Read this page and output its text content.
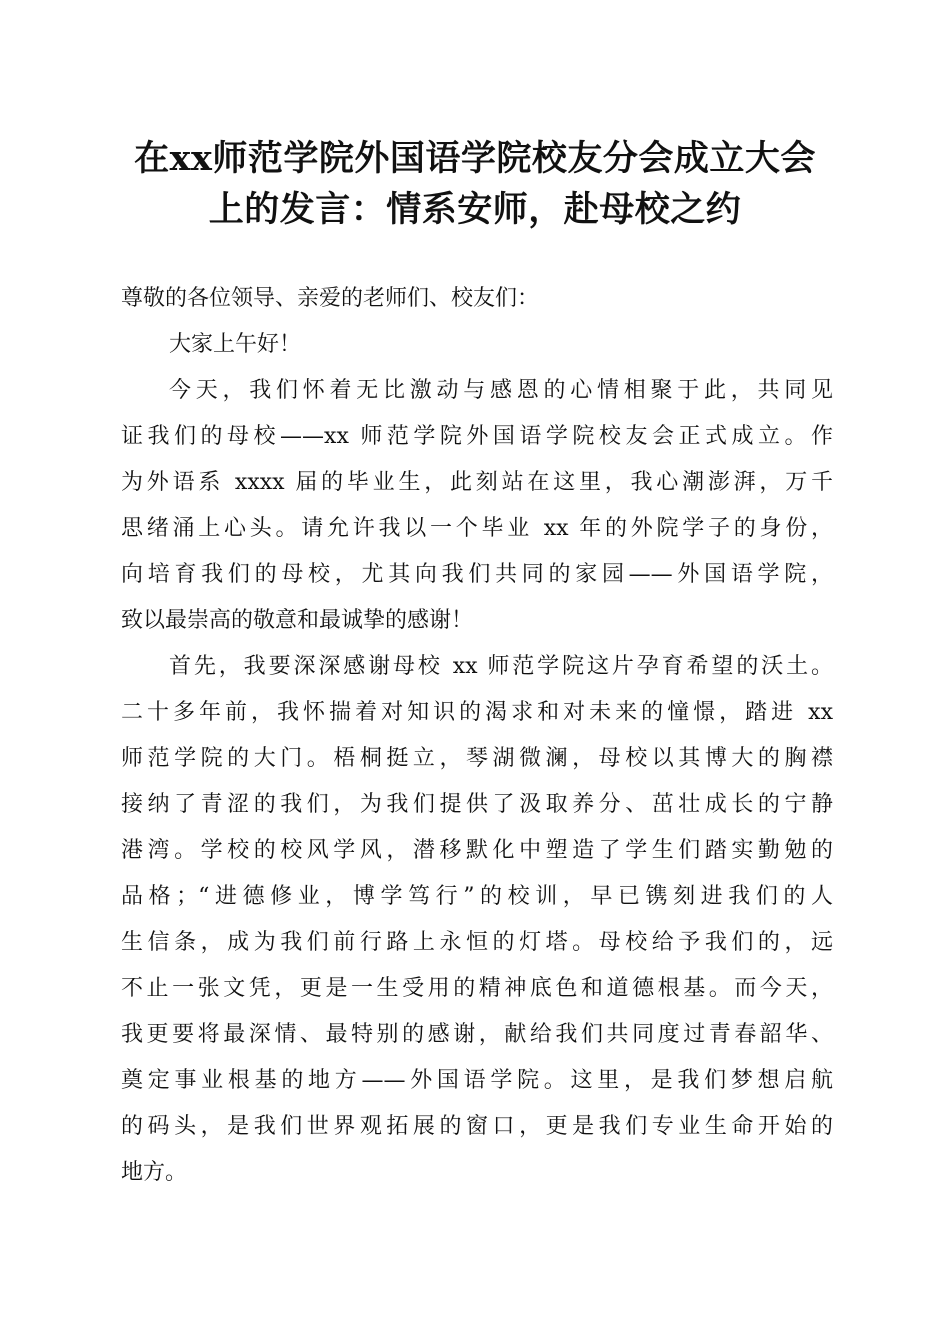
在xx师范学院外国语学院校友分会成立大会
上的发言：情系安师，赴母校之约
尊敬的各位领导、亲爱的老师们、校友们：
大家上午好！
今天，我们怀着无比激动与感恩的心情相聚于此，共同见
证我们的母校——xx 师范学院外国语学院校友会正式成立。作
为外语系 xxxx 届的毕业生，此刻站在这里，我心潮澎湃，万千
思绪涌上心头。请允许我以一个毕业 xx 年的外院学子的身份，
向培育我们的母校，尤其向我们共同的家园——外国语学院，
致以最崇高的敬意和最诚挚的感谢！
首先，我要深深感谢母校 xx 师范学院这片孕育希望的沃土。
二十多年前，我怀揣着对知识的渴求和对未来的憧憬，踏进 xx
师范学院的大门。梧桐挺立，琴湖微澜，母校以其博大的胸襟
接纳了青涩的我们，为我们提供了汲取养分、茁壮成长的宁静
港湾。学校的校风学风，潜移默化中塑造了学生们踏实勤勉的
品格；“进德修业，博学笃行”的校训，早已镌刻进我们的人
生信条，成为我们前行路上永恒的灯塔。母校给予我们的，远
不止一张文凭，更是一生受用的精神底色和道德根基。而今天，
我更要将最深情、最特别的感谢，献给我们共同度过青春韶华、
奠定事业根基的地方——外国语学院。这里，是我们梦想启航
的码头，是我们世界观拓展的窗口，更是我们专业生命开始的
地方。
